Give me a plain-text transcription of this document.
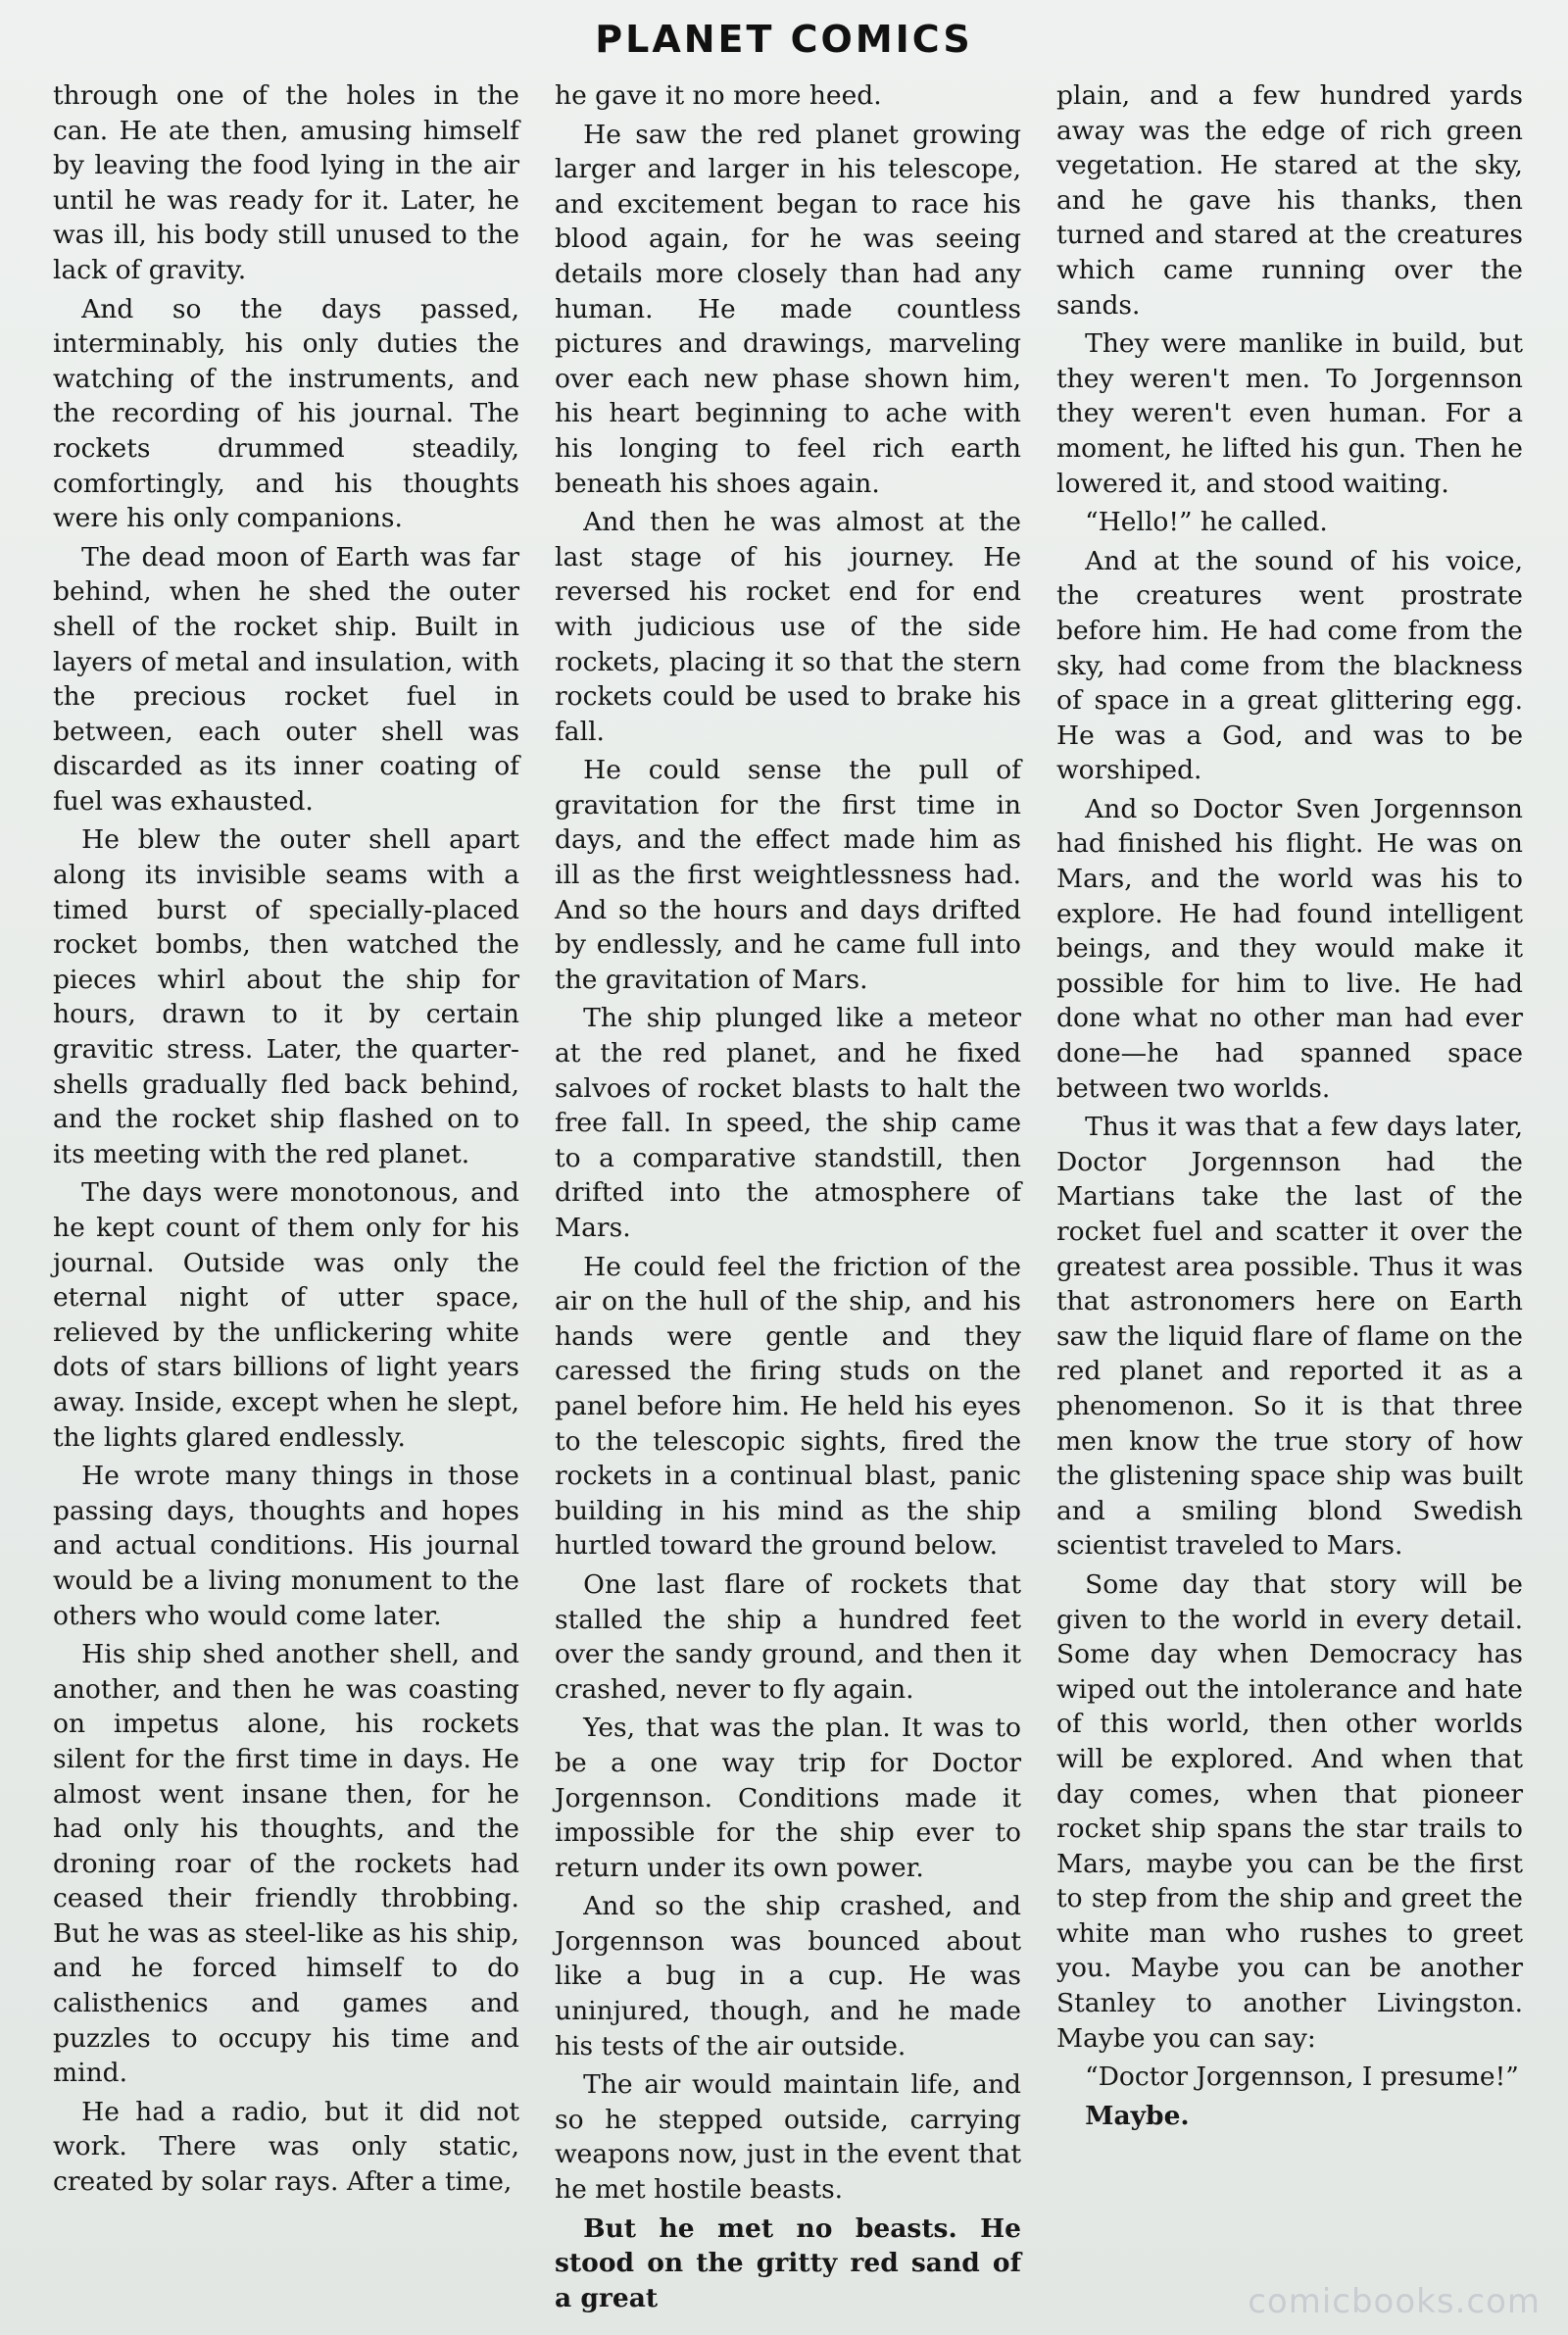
PLANET COMICS

through one of the holes in the can. He ate then, amusing himself by leaving the food lying in the air until he was ready for it. Later, he was ill, his body still unused to the lack of gravity.

And so the days passed, interminably, his only duties the watching of the instruments, and the recording of his journal. The rockets drummed steadily, comfortingly, and his thoughts were his only companions.

The dead moon of Earth was far behind, when he shed the outer shell of the rocket ship. Built in layers of metal and insulation, with the precious rocket fuel in between, each outer shell was discarded as its inner coating of fuel was exhausted.

He blew the outer shell apart along its invisible seams with a timed burst of specially-placed rocket bombs, then watched the pieces whirl about the ship for hours, drawn to it by certain gravitic stress. Later, the quarter-shells gradually fled back behind, and the rocket ship flashed on to its meeting with the red planet.

The days were monotonous, and he kept count of them only for his journal. Outside was only the eternal night of utter space, relieved by the unflickering white dots of stars billions of light years away. Inside, except when he slept, the lights glared endlessly.

He wrote many things in those passing days, thoughts and hopes and actual conditions. His journal would be a living monument to the others who would come later.

His ship shed another shell, and another, and then he was coasting on impetus alone, his rockets silent for the first time in days. He almost went insane then, for he had only his thoughts, and the droning roar of the rockets had ceased their friendly throbbing. But he was as steel-like as his ship, and he forced himself to do calisthenics and games and puzzles to occupy his time and mind.

He had a radio, but it did not work. There was only static, created by solar rays. After a time,

he gave it no more heed.

He saw the red planet growing larger and larger in his telescope, and excitement began to race his blood again, for he was seeing details more closely than had any human. He made countless pictures and drawings, marveling over each new phase shown him, his heart beginning to ache with his longing to feel rich earth beneath his shoes again.

And then he was almost at the last stage of his journey. He reversed his rocket end for end with judicious use of the side rockets, placing it so that the stern rockets could be used to brake his fall.

He could sense the pull of gravitation for the first time in days, and the effect made him as ill as the first weightlessness had. And so the hours and days drifted by endlessly, and he came full into the gravitation of Mars.

The ship plunged like a meteor at the red planet, and he fixed salvoes of rocket blasts to halt the free fall. In speed, the ship came to a comparative standstill, then drifted into the atmosphere of Mars.

He could feel the friction of the air on the hull of the ship, and his hands were gentle and they caressed the firing studs on the panel before him. He held his eyes to the telescopic sights, fired the rockets in a continual blast, panic building in his mind as the ship hurtled toward the ground below.

One last flare of rockets that stalled the ship a hundred feet over the sandy ground, and then it crashed, never to fly again.

Yes, that was the plan. It was to be a one way trip for Doctor Jorgennson. Conditions made it impossible for the ship ever to return under its own power.

And so the ship crashed, and Jorgennson was bounced about like a bug in a cup. He was uninjured, though, and he made his tests of the air outside.

The air would maintain life, and so he stepped outside, carrying weapons now, just in the event that he met hostile beasts.

But he met no beasts. He stood on the gritty red sand of a great

plain, and a few hundred yards away was the edge of rich green vegetation. He stared at the sky, and he gave his thanks, then turned and stared at the creatures which came running over the sands.

They were manlike in build, but they weren't men. To Jorgennson they weren't even human. For a moment, he lifted his gun. Then he lowered it, and stood waiting.

“Hello!” he called.

And at the sound of his voice, the creatures went prostrate before him. He had come from the sky, had come from the blackness of space in a great glittering egg. He was a God, and was to be worshiped.

And so Doctor Sven Jorgennson had finished his flight. He was on Mars, and the world was his to explore. He had found intelligent beings, and they would make it possible for him to live. He had done what no other man had ever done—he had spanned space between two worlds.

Thus it was that a few days later, Doctor Jorgennson had the Martians take the last of the rocket fuel and scatter it over the greatest area possible. Thus it was that astronomers here on Earth saw the liquid flare of flame on the red planet and reported it as a phenomenon. So it is that three men know the true story of how the glistening space ship was built and a smiling blond Swedish scientist traveled to Mars.

Some day that story will be given to the world in every detail. Some day when Democracy has wiped out the intolerance and hate of this world, then other worlds will be explored. And when that day comes, when that pioneer rocket ship spans the star trails to Mars, maybe you can be the first to step from the ship and greet the white man who rushes to greet you. Maybe you can be another Stanley to another Livingston. Maybe you can say:

“Doctor Jorgennson, I presume!”

Maybe.

comicbooks.com
